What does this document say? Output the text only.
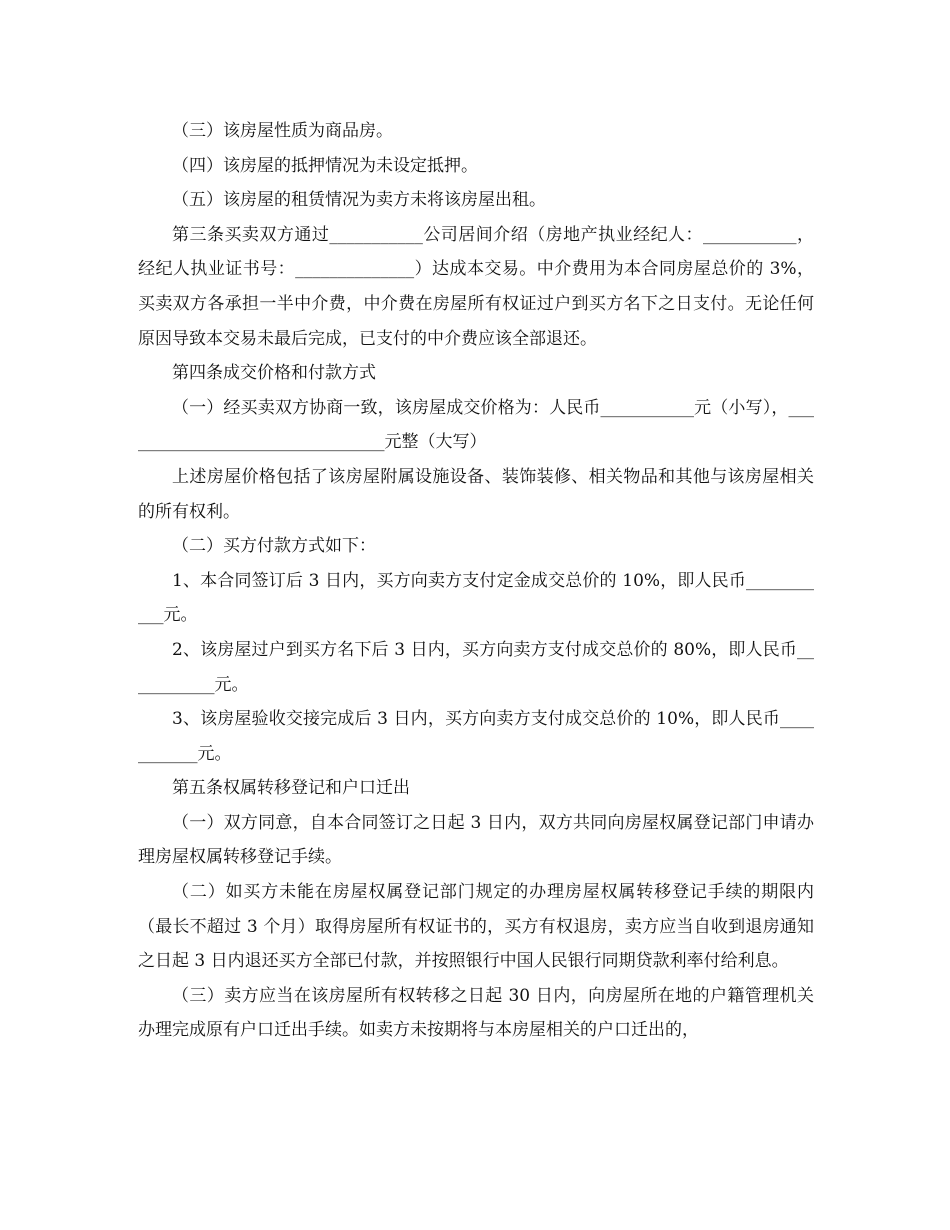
（三）该房屋性质为商品房。

（四）该房屋的抵押情况为未设定抵押。

（五）该房屋的租赁情况为卖方未将该房屋出租。

第三条买卖双方通过___________公司居间介绍（房地产执业经纪人：___________，经纪人执业证书号：______________）达成本交易。中介费用为本合同房屋总价的 3%，买卖双方各承担一半中介费，中介费在房屋所有权证过户到买方名下之日支付。无论任何原因导致本交易未最后完成，已支付的中介费应该全部退还。

第四条成交价格和付款方式

（一）经买卖双方协商一致，该房屋成交价格为：人民币___________元（小写），________________________________元整（大写）

上述房屋价格包括了该房屋附属设施设备、装饰装修、相关物品和其他与该房屋相关的所有权利。

（二）买方付款方式如下：

1、本合同签订后 3 日内，买方向卖方支付定金成交总价的 10%，即人民币___________元。

2、该房屋过户到买方名下后 3 日内，买方向卖方支付成交总价的 80%，即人民币___________元。

3、该房屋验收交接完成后 3 日内，买方向卖方支付成交总价的 10%，即人民币___________元。

第五条权属转移登记和户口迁出

（一）双方同意，自本合同签订之日起 3 日内，双方共同向房屋权属登记部门申请办理房屋权属转移登记手续。

（二）如买方未能在房屋权属登记部门规定的办理房屋权属转移登记手续的期限内（最长不超过 3 个月）取得房屋所有权证书的，买方有权退房，卖方应当自收到退房通知之日起 3 日内退还买方全部已付款，并按照银行中国人民银行同期贷款利率付给利息。

（三）卖方应当在该房屋所有权转移之日起 30 日内，向房屋所在地的户籍管理机关办理完成原有户口迁出手续。如卖方未按期将与本房屋相关的户口迁出的，
